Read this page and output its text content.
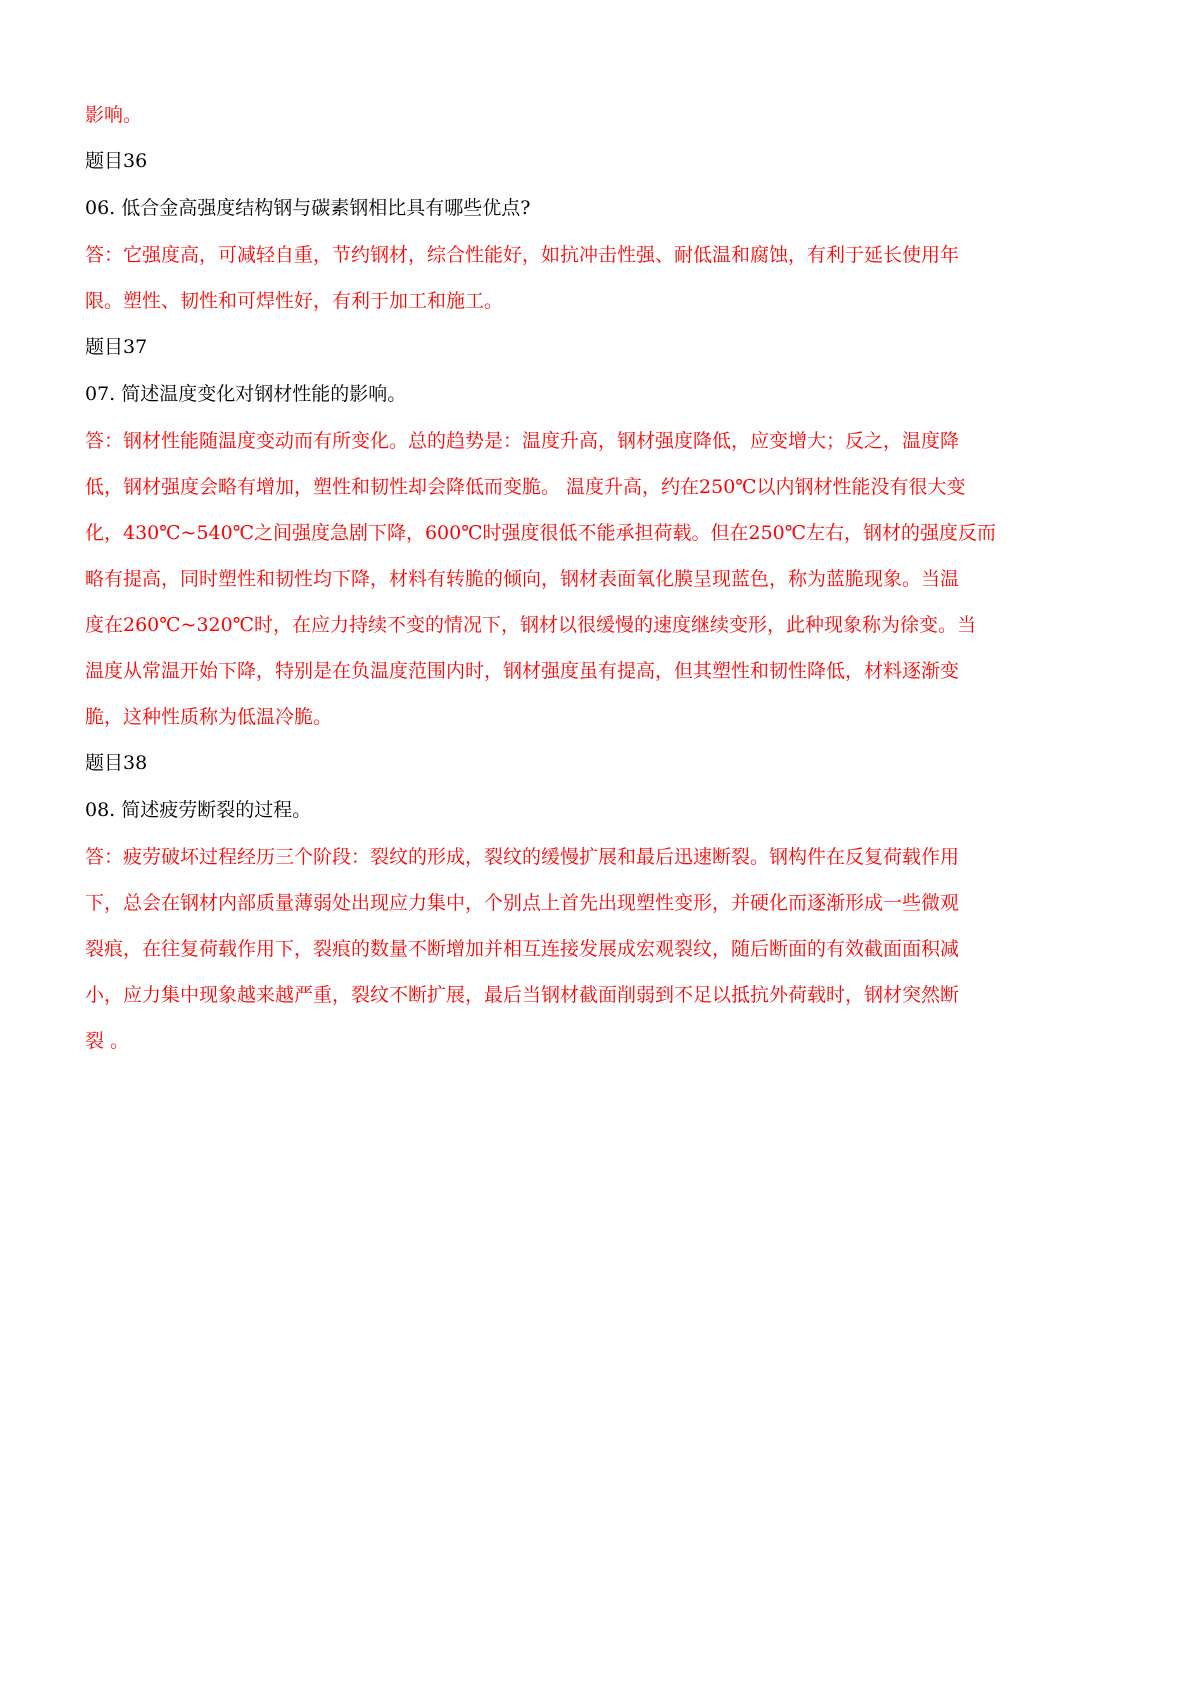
影响。

题目36

06. 低合金高强度结构钢与碳素钢相比具有哪些优点?

答：它强度高，可减轻自重，节约钢材，综合性能好，如抗冲击性强、耐低温和腐蚀，有利于延长使用年

限。塑性、韧性和可焊性好，有利于加工和施工。

题目37

07. 简述温度变化对钢材性能的影响。

答：钢材性能随温度变动而有所变化。总的趋势是：温度升高，钢材强度降低，应变增大；反之，温度降

低，钢材强度会略有增加，塑性和韧性却会降低而变脆。 温度升高，约在250℃以内钢材性能没有很大变

化，430℃~540℃之间强度急剧下降，600℃时强度很低不能承担荷载。但在250℃左右，钢材的强度反而

略有提高，同时塑性和韧性均下降，材料有转脆的倾向，钢材表面氧化膜呈现蓝色，称为蓝脆现象。当温

度在260℃~320℃时，在应力持续不变的情况下，钢材以很缓慢的速度继续变形，此种现象称为徐变。当

温度从常温开始下降，特别是在负温度范围内时，钢材强度虽有提高，但其塑性和韧性降低，材料逐渐变

脆，这种性质称为低温冷脆。

题目38

08. 简述疲劳断裂的过程。

答：疲劳破坏过程经历三个阶段：裂纹的形成，裂纹的缓慢扩展和最后迅速断裂。钢构件在反复荷载作用

下，总会在钢材内部质量薄弱处出现应力集中，个别点上首先出现塑性变形，并硬化而逐渐形成一些微观

裂痕，在往复荷载作用下，裂痕的数量不断增加并相互连接发展成宏观裂纹，随后断面的有效截面面积减

小，应力集中现象越来越严重，裂纹不断扩展，最后当钢材截面削弱到不足以抵抗外荷载时，钢材突然断

裂 。
